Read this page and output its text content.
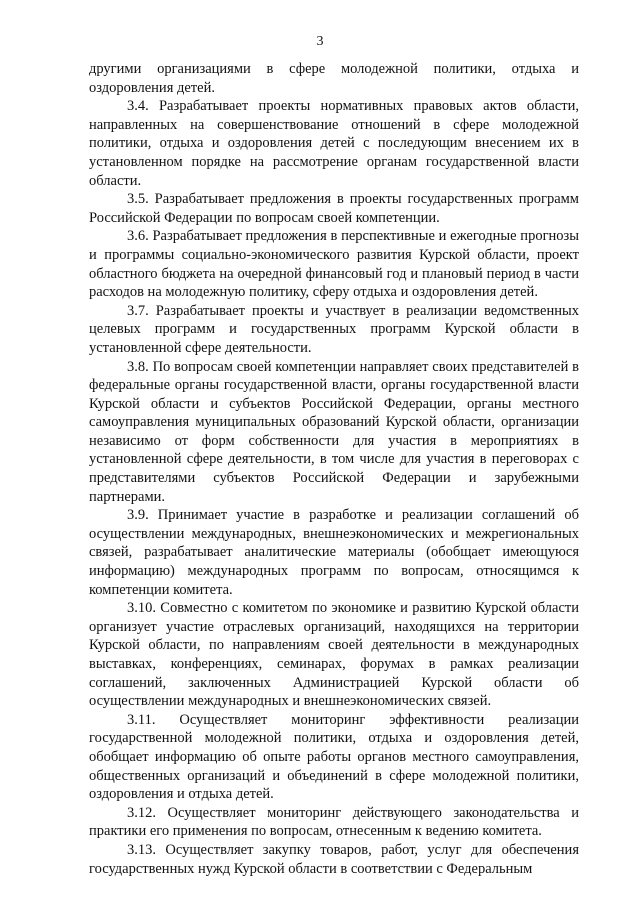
3

другими организациями в сфере молодежной политики, отдыха и оздоровления детей.

3.4. Разрабатывает проекты нормативных правовых актов области, направленных на совершенствование отношений в сфере молодежной политики, отдыха и оздоровления детей с последующим внесением их в установленном порядке на рассмотрение органам государственной власти области.

3.5. Разрабатывает предложения в проекты государственных программ Российской Федерации по вопросам своей компетенции.

3.6. Разрабатывает предложения в перспективные и ежегодные прогнозы и программы социально-экономического развития Курской области, проект областного бюджета на очередной финансовый год и плановый период в части расходов на молодежную политику, сферу отдыха и оздоровления детей.

3.7. Разрабатывает проекты и участвует в реализации ведомственных целевых программ и государственных программ Курской области в установленной сфере деятельности.

3.8. По вопросам своей компетенции направляет своих представителей в федеральные органы государственной власти, органы государственной власти Курской области и субъектов Российской Федерации, органы местного самоуправления муниципальных образований Курской области, организации независимо от форм собственности для участия в мероприятиях в установленной сфере деятельности, в том числе для участия в переговорах с представителями субъектов Российской Федерации и зарубежными партнерами.

3.9. Принимает участие в разработке и реализации соглашений об осуществлении международных, внешнеэкономических и межрегиональных связей, разрабатывает аналитические материалы (обобщает имеющуюся информацию) международных программ по вопросам, относящимся к компетенции комитета.

3.10. Совместно с комитетом по экономике и развитию Курской области организует участие отраслевых организаций, находящихся на территории Курской области, по направлениям своей деятельности в международных выставках, конференциях, семинарах, форумах в рамках реализации соглашений, заключенных Администрацией Курской области об осуществлении международных и внешнеэкономических связей.

3.11. Осуществляет мониторинг эффективности реализации государственной молодежной политики, отдыха и оздоровления детей, обобщает информацию об опыте работы органов местного самоуправления, общественных организаций и объединений в сфере молодежной политики, оздоровления и отдыха детей.

3.12. Осуществляет мониторинг действующего законодательства и практики его применения по вопросам, отнесенным к ведению комитета.

3.13. Осуществляет закупку товаров, работ, услуг для обеспечения государственных нужд Курской области в соответствии с Федеральным
